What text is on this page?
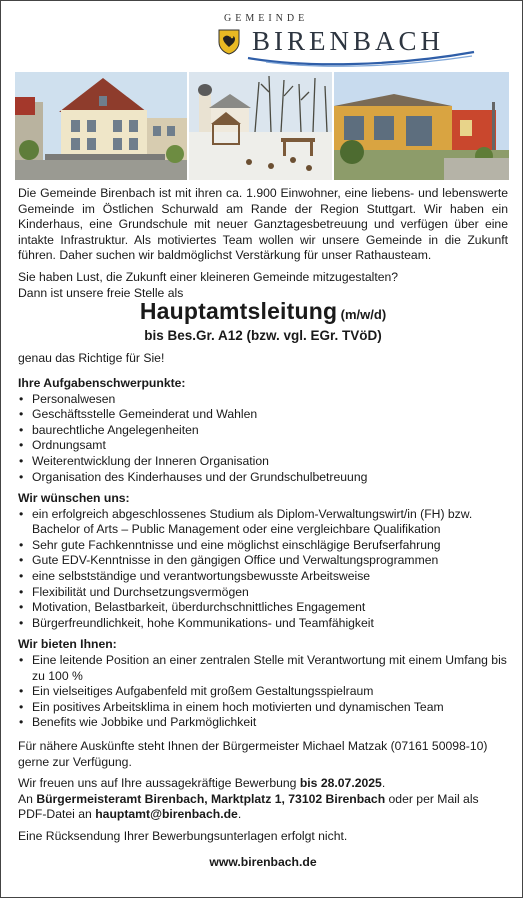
GEMEINDE
BIRENBACH

Die Gemeinde Birenbach ist mit ihren ca. 1.900 Einwohner, eine liebens- und lebenswerte Gemeinde im Östlichen Schurwald am Rande der Region Stuttgart. Wir haben ein Kinderhaus, eine Grundschule mit neuer Ganztagesbetreuung und verfügen über eine intakte Infrastruktur. Als motiviertes Team wollen wir unsere Gemeinde in die Zukunft führen. Daher suchen wir baldmöglichst Verstärkung für unser Rathausteam.

Sie haben Lust, die Zukunft einer kleineren Gemeinde mitzugestalten?

Dann ist unsere freie Stelle als

Hauptamtsleitung (m/w/d)
bis Bes.Gr. A12 (bzw. vgl. EGr. TVöD)

genau das Richtige für Sie!

Ihre Aufgabenschwerpunkte:

• Personalwesen
• Geschäftsstelle Gemeinderat und Wahlen
• baurechtliche Angelegenheiten
• Ordnungsamt
• Weiterentwicklung der Inneren Organisation
• Organisation des Kinderhauses und der Grundschulbetreuung

Wir wünschen uns:

• ein erfolgreich abgeschlossenes Studium als Diplom-Verwaltungswirt/in (FH) bzw. Bachelor of Arts – Public Management oder eine vergleichbare Qualifikation
• Sehr gute Fachkenntnisse und eine möglichst einschlägige Berufserfahrung
• Gute EDV-Kenntnisse in den gängigen Office und Verwaltungsprogrammen
• eine selbstständige und verantwortungsbewusste Arbeitsweise
• Flexibilität und Durchsetzungsvermögen
• Motivation, Belastbarkeit, überdurchschnittliches Engagement
• Bürgerfreundlichkeit, hohe Kommunikations- und Teamfähigkeit

Wir bieten Ihnen:

• Eine leitende Position an einer zentralen Stelle mit Verantwortung mit einem Umfang bis zu 100 %
• Ein vielseitiges Aufgabenfeld mit großem Gestaltungsspielraum
• Ein positives Arbeitsklima in einem hoch motivierten und dynamischen Team
• Benefits wie Jobbike und Parkmöglichkeit

Für nähere Auskünfte steht Ihnen der Bürgermeister Michael Matzak (07161 50098-10) gerne zur Verfügung.

Wir freuen uns auf Ihre aussagekräftige Bewerbung bis 28.07.2025.
An Bürgermeisteramt Birenbach, Marktplatz 1, 73102 Birenbach oder per Mail als PDF-Datei an hauptamt@birenbach.de.

Eine Rücksendung Ihrer Bewerbungsunterlagen erfolgt nicht.

www.birenbach.de
